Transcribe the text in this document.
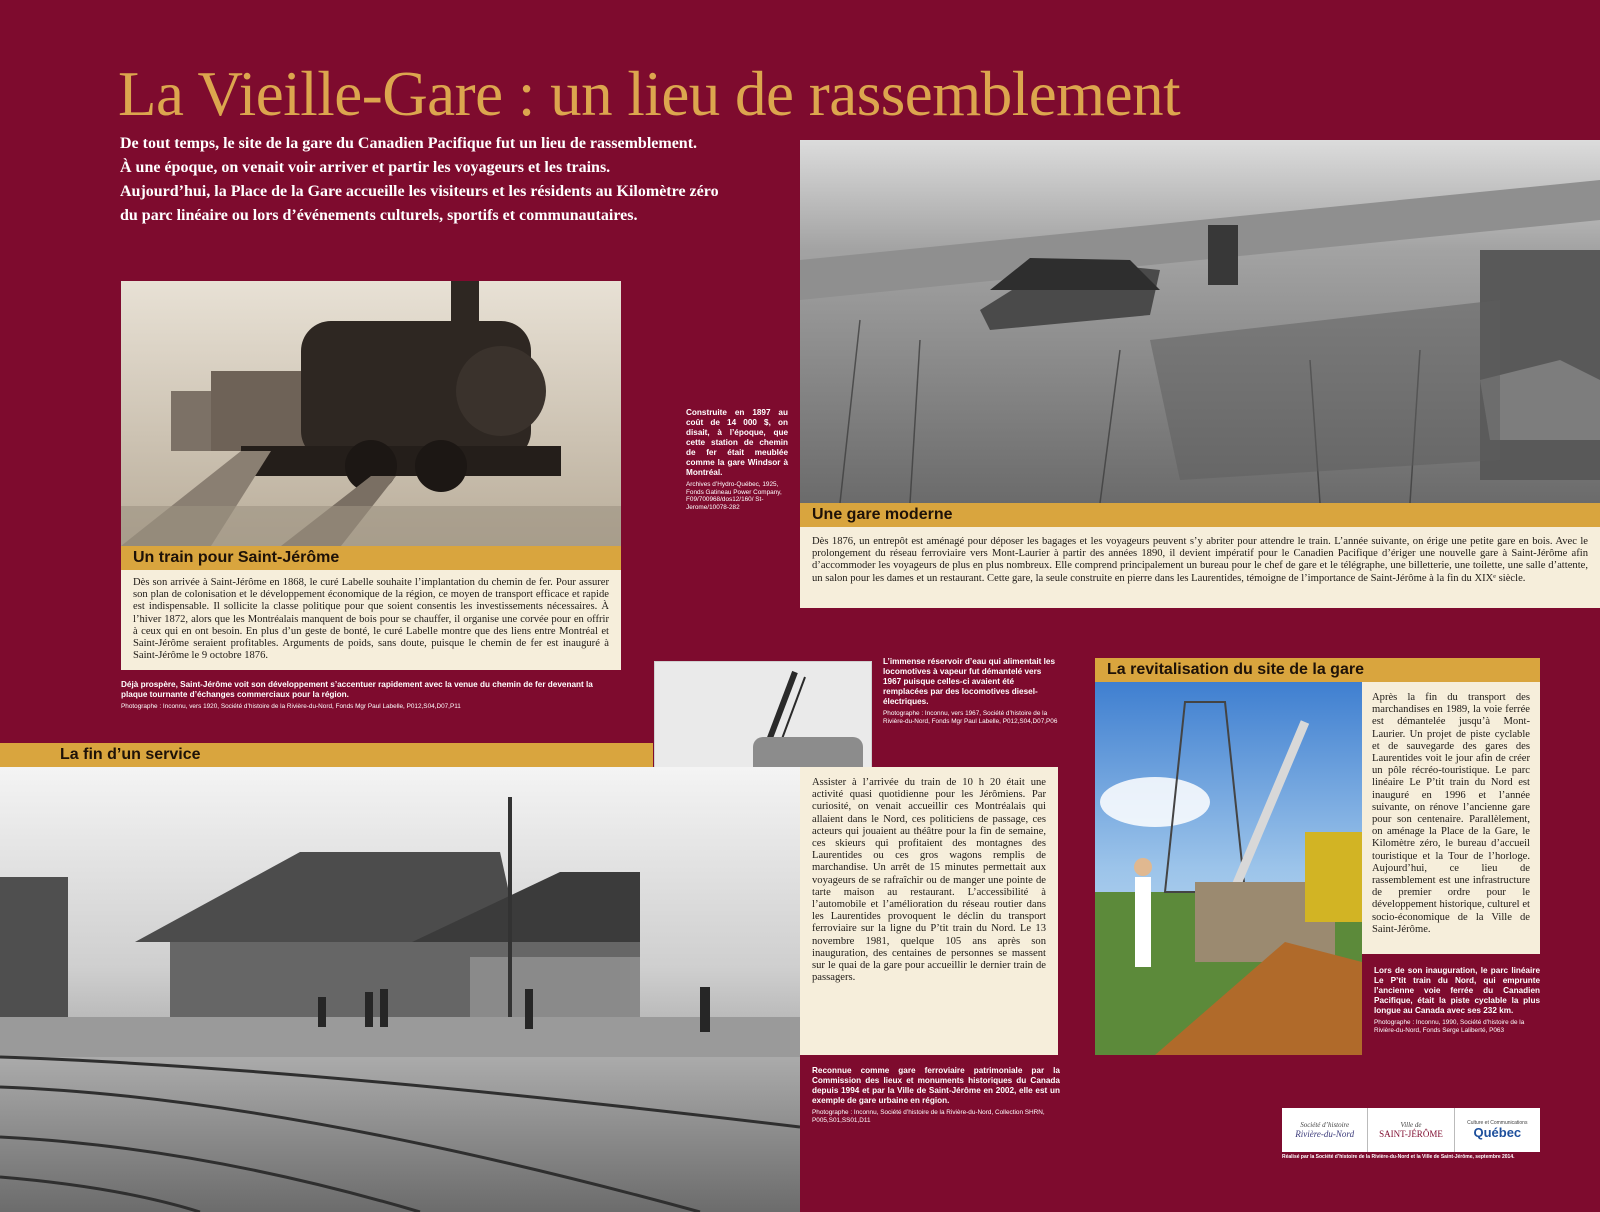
La Vieille-Gare : un lieu de rassemblement
De tout temps, le site de la gare du Canadien Pacifique fut un lieu de rassemblement.
À une époque, on venait voir arriver et partir les voyageurs et les trains.
Aujourd’hui, la Place de la Gare accueille les visiteurs et les résidents au Kilomètre zéro
du parc linéaire ou lors d’événements culturels, sportifs et communautaires.
Un train pour Saint-Jérôme
Dès son arrivée à Saint-Jérôme en 1868, le curé Labelle souhaite l’implantation du chemin de fer. Pour assurer son plan de colonisation et le développement économique de la région, ce moyen de transport efficace et rapide est indispensable. Il sollicite la classe politique pour que soient consentis les investissements nécessaires. À l’hiver 1872, alors que les Montréalais manquent de bois pour se chauffer, il organise une corvée pour en offrir à ceux qui en ont besoin. En plus d’un geste de bonté, le curé Labelle montre que des liens entre Montréal et Saint-Jérôme seraient profitables. Arguments de poids, sans doute, puisque le chemin de fer est inauguré à Saint-Jérôme le 9 octobre 1876.

Déjà prospère, Saint-Jérôme voit son développement s’accentuer rapidement avec la venue du chemin de fer devenant la plaque tournante d’échanges commerciaux pour la région.

Photographe : Inconnu, vers 1920, Société d’histoire de la Rivière-du-Nord, Fonds Mgr Paul Labelle, P012,S04,D07,P11

Construite en 1897 au coût de 14 000 $, on disait, à l’époque, que cette station de chemin de fer était meublée comme la gare Windsor à Montréal.

Archives d’Hydro-Québec, 1925, Fonds Gatineau Power Company, F09/700968/dos12/160/ St-Jerome/10078-282	Une gare moderne
Dès 1876, un entrepôt est aménagé pour déposer les bagages et les voyageurs peuvent s’y abriter pour attendre le train. L’année suivante, on érige une petite gare en bois. Avec le prolongement du réseau ferroviaire vers Mont-Laurier à partir des années 1890, il devient impératif pour le Canadien Pacifique d’ériger une nouvelle gare à Saint-Jérôme afin d’accommoder les voyageurs de plus en plus nombreux. Elle comprend principalement un bureau pour le chef de gare et le télégraphe, une billetterie, une toilette, une salle d’attente, un salon pour les dames et un restaurant. Cette gare, la seule construite en pierre dans les Laurentides, témoigne de l’importance de Saint-Jérôme à la fin du XIXᵉ siècle.

L’immense réservoir d’eau qui alimentait les locomotives à vapeur fut démantelé vers 1967 puisque celles-ci avaient été remplacées par des locomotives diesel-électriques.

Photographe : Inconnu, vers 1967, Société d’histoire de la Rivière-du-Nord, Fonds Mgr Paul Labelle, P012,S04,D07,P06

La fin d’un service
Assister à l’arrivée du train de 10 h 20 était une activité quasi quotidienne pour les Jérômiens. Par curiosité, on venait accueillir ces Montréalais qui allaient dans le Nord, ces politiciens de passage, ces acteurs qui jouaient au théâtre pour la fin de semaine, ces skieurs qui profitaient des montagnes des Laurentides ou ces gros wagons remplis de marchandise. Un arrêt de 15 minutes permettait aux voyageurs de se rafraîchir ou de manger une pointe de tarte maison au restaurant. L’accessibilité à l’automobile et l’amélioration du réseau routier dans les Laurentides provoquent le déclin du transport ferroviaire sur la ligne du P’tit train du Nord. Le 13 novembre 1981, quelque 105 ans après son inauguration, des centaines de personnes se massent sur le quai de la gare pour accueillir le dernier train de passagers.

Reconnue comme gare ferroviaire patrimoniale par la Commission des lieux et monuments historiques du Canada depuis 1994 et par la Ville de Saint-Jérôme en 2002, elle est un exemple de gare urbaine en région.

Photographe : Inconnu, Société d’histoire de la Rivière-du-Nord, Collection SHRN, P005,S01,SS01,D11

La revitalisation du site de la gare
Après la fin du transport des marchandises en 1989, la voie ferrée est démantelée jusqu’à Mont-Laurier. Un projet de piste cyclable et de sauvegarde des gares des Laurentides voit le jour afin de créer un pôle récréo-touristique. Le parc linéaire Le P’tit train du Nord est inauguré en 1996 et l’année suivante, on rénove l’ancienne gare pour son centenaire. Parallèlement, on aménage la Place de la Gare, le Kilomètre zéro, le bureau d’accueil touristique et la Tour de l’horloge. Aujourd’hui, ce lieu de rassemblement est une infrastructure de premier ordre pour le développement historique, culturel et socio-économique de la Ville de Saint-Jérôme.

Lors de son inauguration, le parc linéaire Le P’tit train du Nord, qui emprunte l’ancienne voie ferrée du Canadien Pacifique, était la piste cyclable la plus longue au Canada avec ses 232 km.

Photographe : Inconnu, 1990, Société d’histoire de la Rivière-du-Nord, Fonds Serge Laliberté, P063

Société d’histoire
Rivière-du-Nord
Ville de
SAINT-JÉRÔME
Culture et Communications
Québec
Réalisé par la Société d’histoire de la Rivière-du-Nord et la Ville de Saint-Jérôme, septembre 2014.
